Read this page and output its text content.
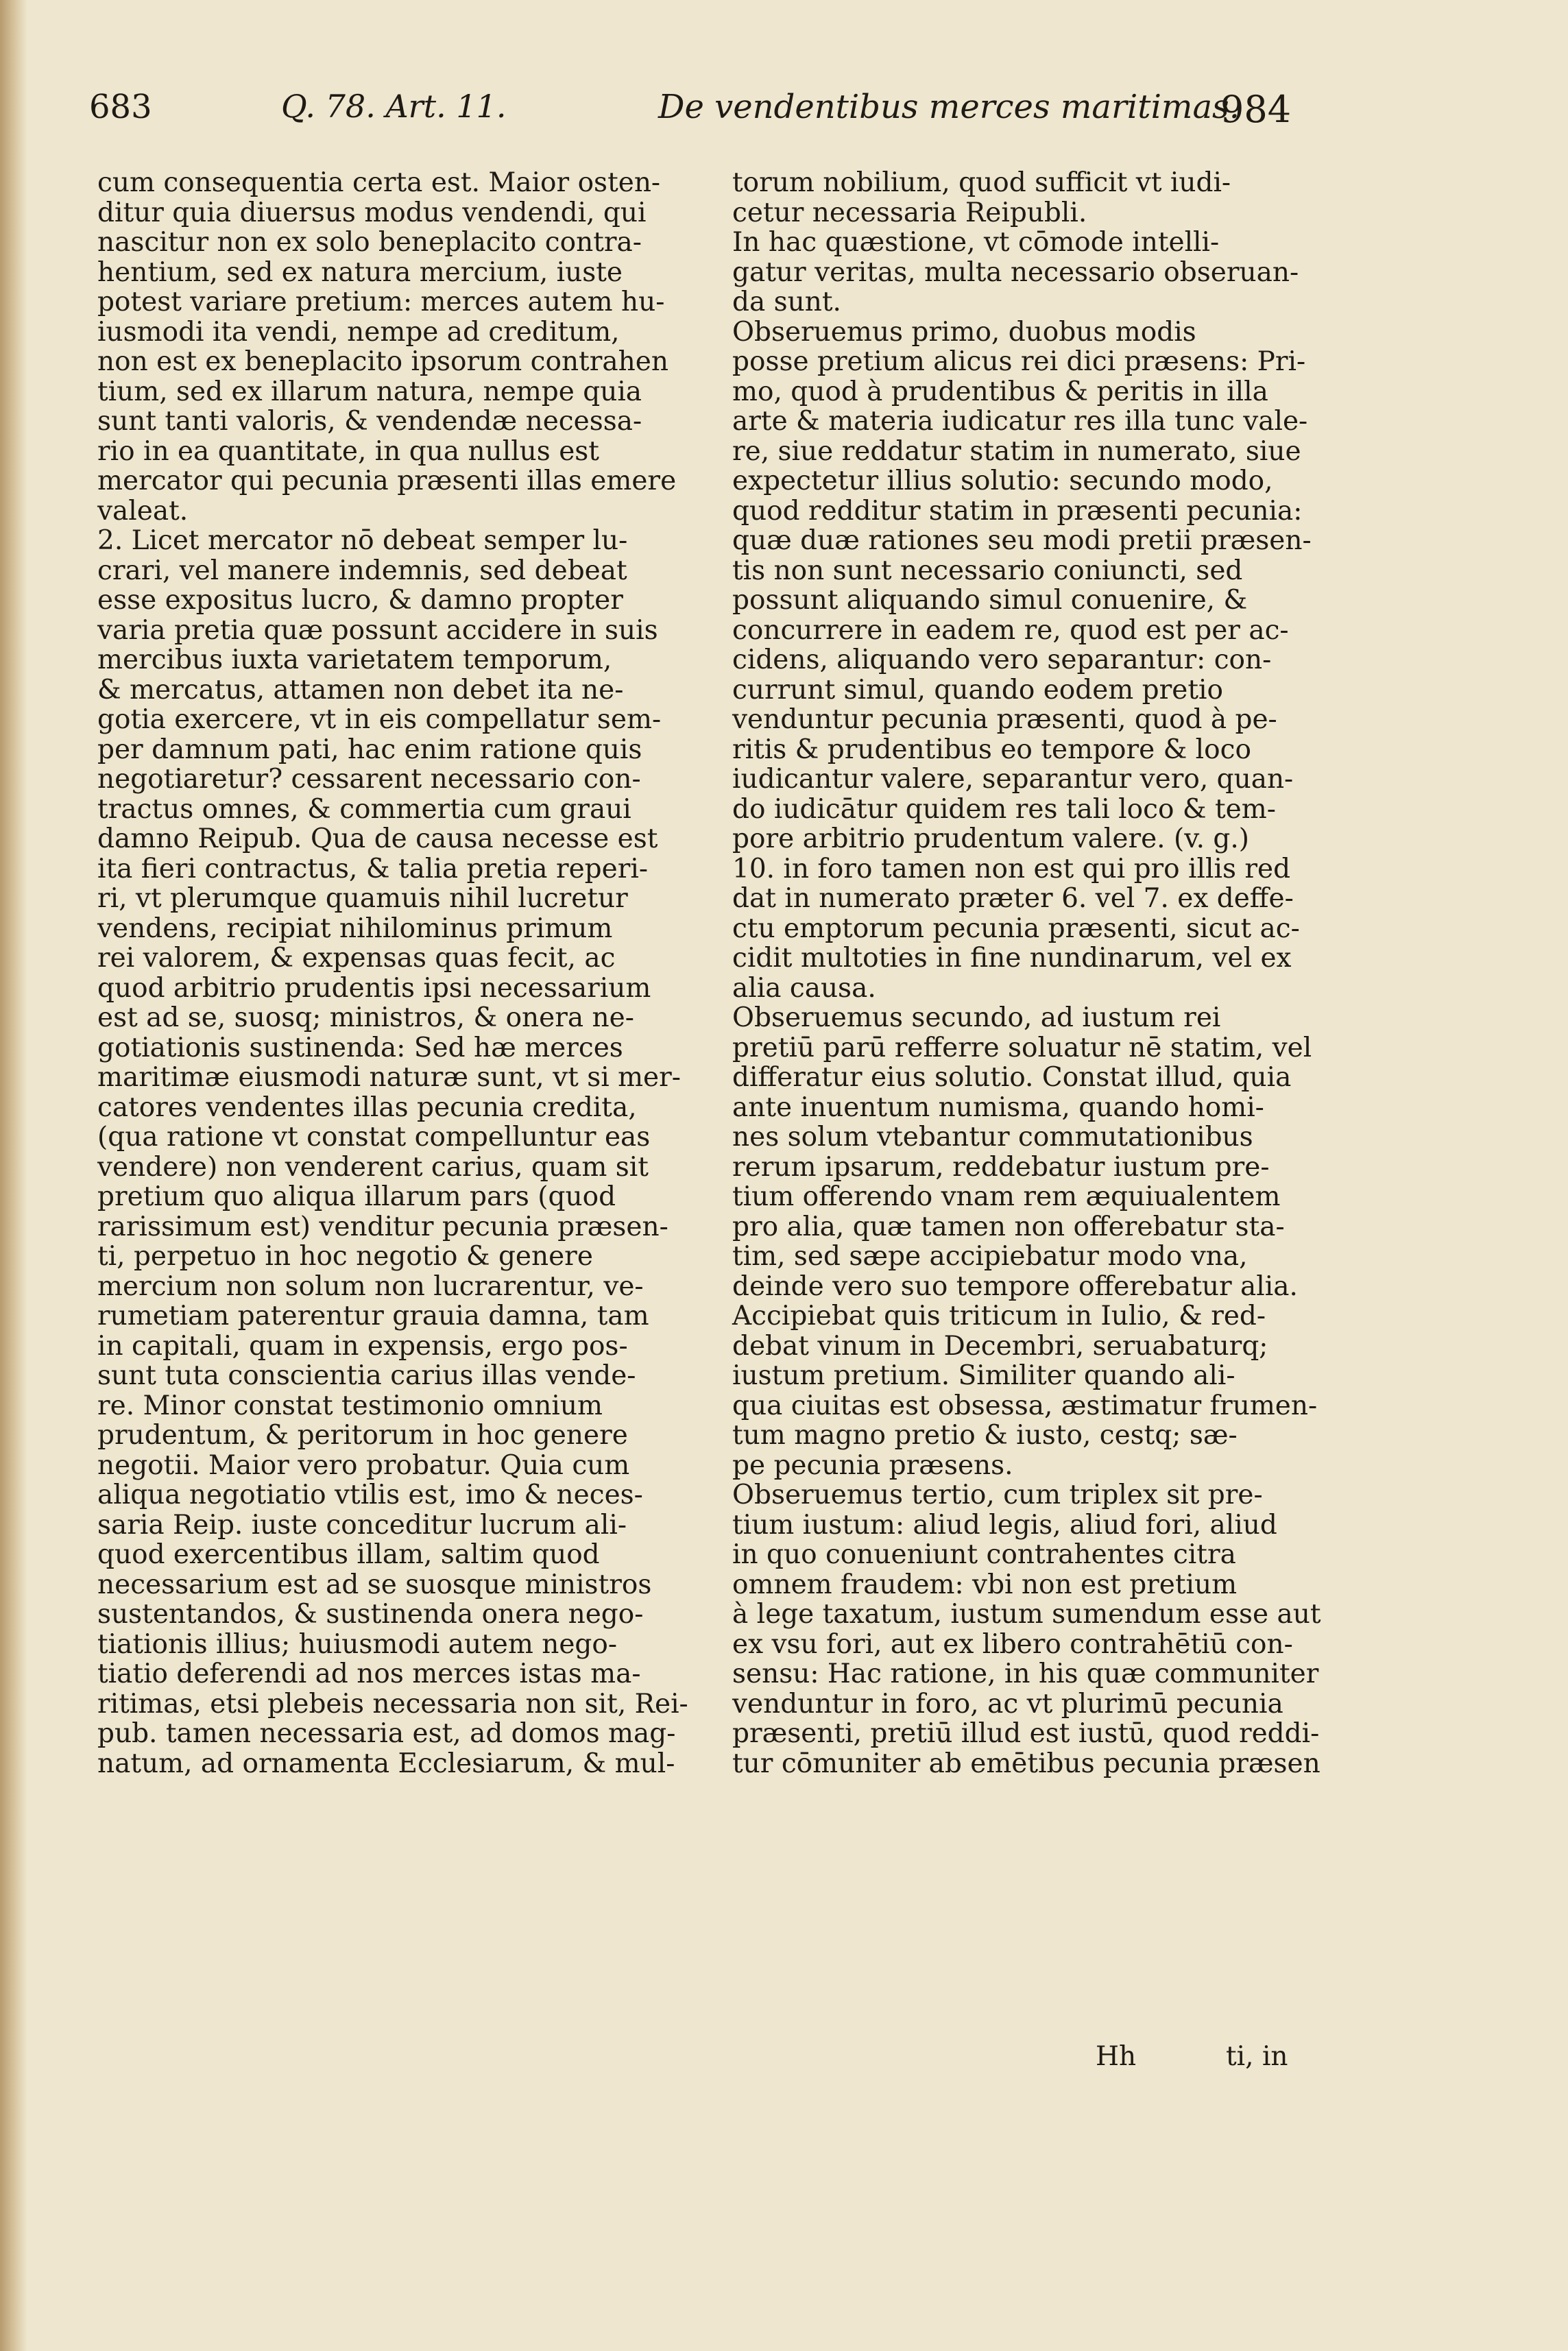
683	Q. 78. Art. 11.	De vendentibus merces maritimas.
984
cum consequentia certa est. Maior osten-
ditur quia diuersus modus vendendi, qui
nascitur non ex solo beneplacito contra-
hentium, sed ex natura mercium, iuste
potest variare pretium: merces autem hu-
iusmodi ita vendi, nempe ad creditum,
non est ex beneplacito ipsorum contrahen
tium, sed ex illarum natura, nempe quia
sunt tanti valoris, & vendendæ necessa-
rio in ea quantitate, in qua nullus est
mercator qui pecunia præsenti illas emere
valeat.
2. Licet mercator nō debeat semper lu-
crari, vel manere indemnis, sed debeat
esse expositus lucro, & damno propter
varia pretia quæ possunt accidere in suis
mercibus iuxta varietatem temporum,
& mercatus, attamen non debet ita ne-
gotia exercere, vt in eis compellatur sem-
per damnum pati, hac enim ratione quis
negotiaretur? cessarent necessario con-
tractus omnes, & commertia cum graui
damno Reipub. Qua de causa necesse est
ita fieri contractus, & talia pretia reperi-
ri, vt plerumque quamuis nihil lucretur
vendens, recipiat nihilominus primum
rei valorem, & expensas quas fecit, ac
quod arbitrio prudentis ipsi necessarium
est ad se, suosq; ministros, & onera ne-
gotiationis sustinenda: Sed hæ merces
maritimæ eiusmodi naturæ sunt, vt si mer-
catores vendentes illas pecunia credita,
(qua ratione vt constat compelluntur eas
vendere) non venderent carius, quam sit
pretium quo aliqua illarum pars (quod
rarissimum est) venditur pecunia præsen-
ti, perpetuo in hoc negotio & genere
mercium non solum non lucrarentur, ve-
rumetiam paterentur grauia damna, tam
in capitali, quam in expensis, ergo pos-
sunt tuta conscientia carius illas vende-
re. Minor constat testimonio omnium
prudentum, & peritorum in hoc genere
negotii. Maior vero probatur. Quia cum
aliqua negotiatio vtilis est, imo & neces-
saria Reip. iuste conceditur lucrum ali-
quod exercentibus illam, saltim quod
necessarium est ad se suosque ministros
sustentandos, & sustinenda onera nego-
tiationis illius; huiusmodi autem nego-
tiatio deferendi ad nos merces istas ma-
ritimas, etsi plebeis necessaria non sit, Rei-
pub. tamen necessaria est, ad domos mag-
natum, ad ornamenta Ecclesiarum, & mul-
torum nobilium, quod sufficit vt iudi-
cetur necessaria Reipubli.
In hac quæstione, vt cōmode intelli-
gatur veritas, multa necessario obseruan-
da sunt.
Obseruemus primo, duobus modis
posse pretium alicus rei dici præsens: Pri-
mo, quod à prudentibus & peritis in illa
arte & materia iudicatur res illa tunc vale-
re, siue reddatur statim in numerato, siue
expectetur illius solutio: secundo modo,
quod redditur statim in præsenti pecunia:
quæ duæ rationes seu modi pretii præsen-
tis non sunt necessario coniuncti, sed
possunt aliquando simul conuenire, &
concurrere in eadem re, quod est per ac-
cidens, aliquando vero separantur: con-
currunt simul, quando eodem pretio
venduntur pecunia præsenti, quod à pe-
ritis & prudentibus eo tempore & loco
iudicantur valere, separantur vero, quan-
do iudicātur quidem res tali loco & tem-
pore arbitrio prudentum valere. (v. g.)
10. in foro tamen non est qui pro illis red
dat in numerato præter 6. vel 7. ex deffe-
ctu emptorum pecunia præsenti, sicut ac-
cidit multoties in fine nundinarum, vel ex
alia causa.
Obseruemus secundo, ad iustum rei
pretiū parū refferre soluatur nē statim, vel
differatur eius solutio. Constat illud, quia
ante inuentum numisma, quando homi-
nes solum vtebantur commutationibus
rerum ipsarum, reddebatur iustum pre-
tium offerendo vnam rem æquiualentem
pro alia, quæ tamen non offerebatur sta-
tim, sed sæpe accipiebatur modo vna,
deinde vero suo tempore offerebatur alia.
Accipiebat quis triticum in Iulio, & red-
debat vinum in Decembri, seruabaturq;
iustum pretium. Similiter quando ali-
qua ciuitas est obsessa, æstimatur frumen-
tum magno pretio & iusto, cestq; sæ-
pe pecunia præsens.
Obseruemus tertio, cum triplex sit pre-
tium iustum: aliud legis, aliud fori, aliud
in quo conueniunt contrahentes citra
omnem fraudem: vbi non est pretium
à lege taxatum, iustum sumendum esse aut
ex vsu fori, aut ex libero contrahētiū con-
sensu: Hac ratione, in his quæ communiter
venduntur in foro, ac vt plurimū pecunia
præsenti, pretiū illud est iustū, quod reddi-
tur cōmuniter ab emētibus pecunia præsen
Hh	ti, in
